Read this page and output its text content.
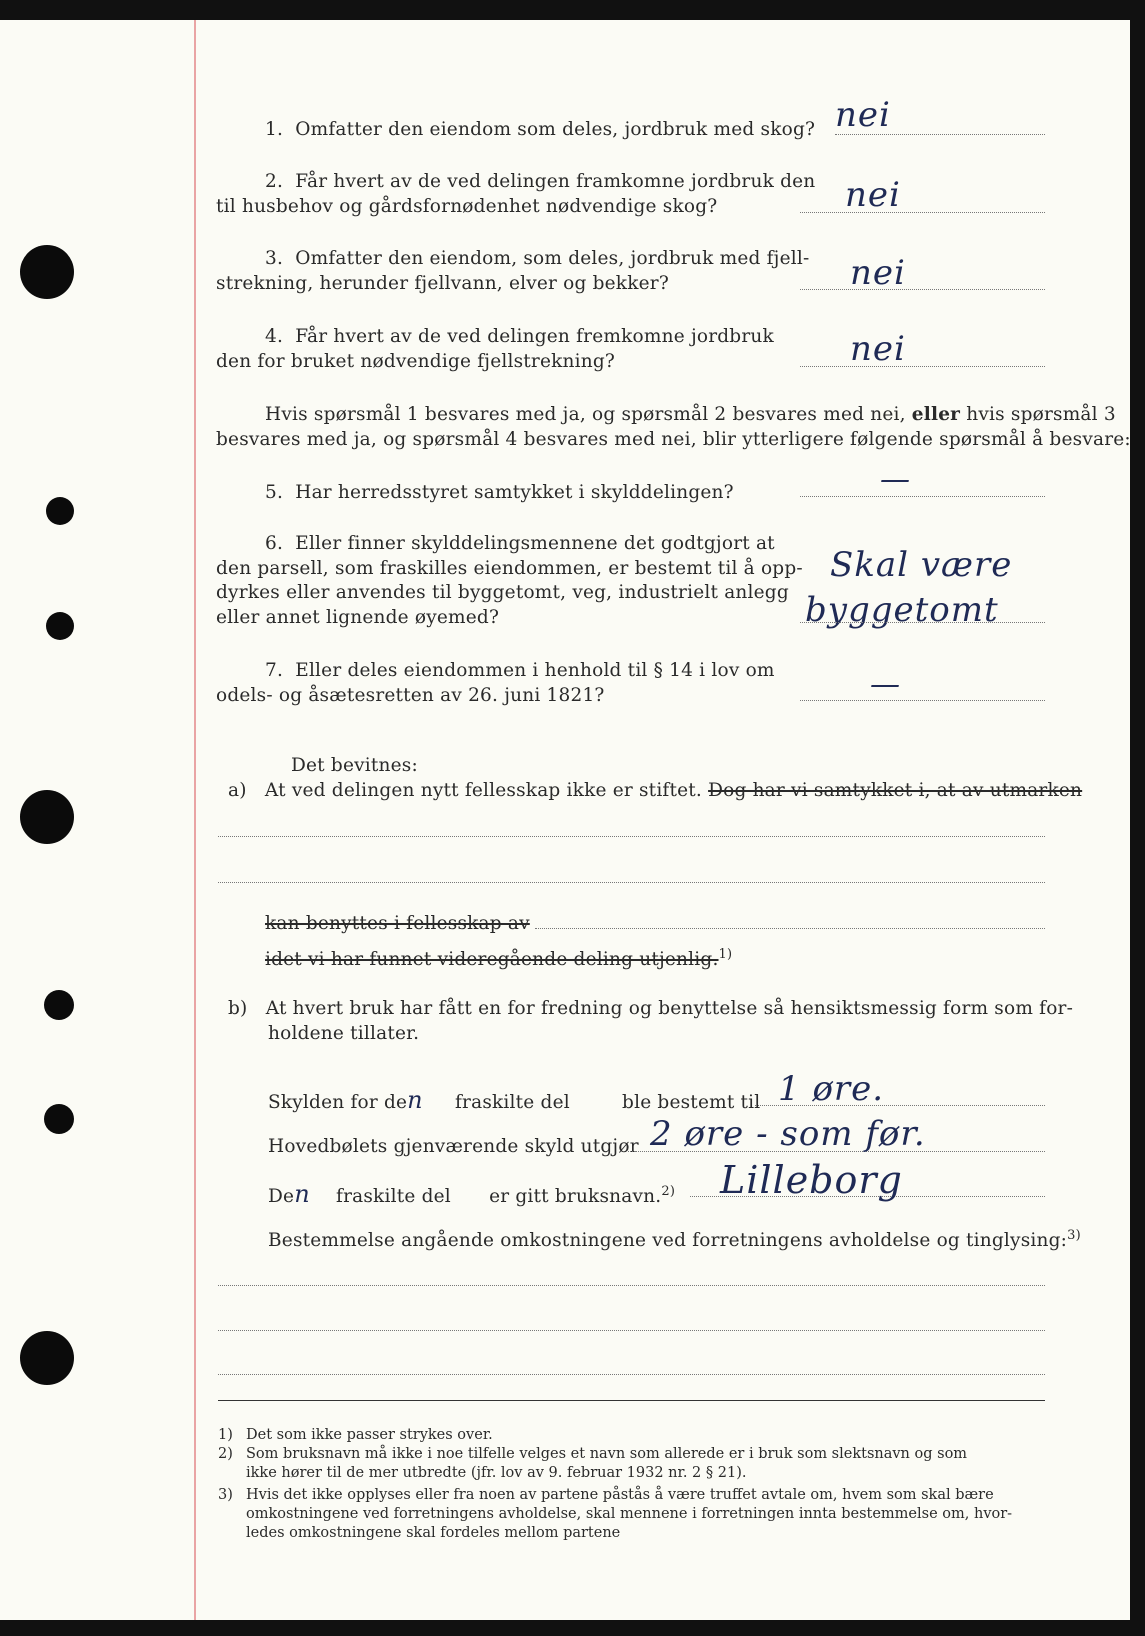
1. Omfatter den eiendom som deles, jordbruk med skog? nei
2. Får hvert av de ved delingen framkomne jordbruk den
til husbehov og gårdsfornødenhet nødvendige skog?	nei
3. Omfatter den eiendom, som deles, jordbruk med fjell-
strekning, herunder fjellvann, elver og bekker?	nei
4. Får hvert av de ved delingen fremkomne jordbruk
den for bruket nødvendige fjellstrekning?	nei
Hvis spørsmål 1 besvares med ja, og spørsmål 2 besvares med nei, eller hvis spørsmål 3
besvares med ja, og spørsmål 4 besvares med nei, blir ytterligere følgende spørsmål å besvare:
5. Har herredsstyret samtykket i skylddelingen?	—
6. Eller finner skylddelingsmennene det godtgjort at
den parsell, som fraskilles eiendommen, er bestemt til å opp-
dyrkes eller anvendes til byggetomt, veg, industrielt anlegg
eller annet lignende øyemed?
Skal være
byggetomt
7. Eller deles eiendommen i henhold til § 14 i lov om
odels- og åsætesretten av 26. juni 1821?	—
Det bevitnes:
a) At ved delingen nytt fellesskap ikke er stiftet. Dog har vi samtykket i, at av utmarken
kan benyttes i fellesskap av
idet vi har funnet videregående deling utjenlig.$^{1)}$
b) At hvert bruk har fått en for fredning og benyttelse så hensiktsmessig form som for-
holdene tillater.
Skylden for den fraskilte del	ble bestemt til 1 øre.
Hovedbølets gjenværende skyld utgjør 2 øre - som før.
Den fraskilte del er gitt bruksnavn.$^{2)}$ Lilleborg
Bestemmelse angående omkostningene ved forretningens avholdelse og tinglysing:$^{3)}$
1) Det som ikke passer strykes over.
2) Som bruksnavn må ikke i noe tilfelle velges et navn som allerede er i bruk som slektsnavn og som
ikke hører til de mer utbredte (jfr. lov av 9. februar 1932 nr. 2 § 21).
3) Hvis det ikke opplyses eller fra noen av partene påstås å være truffet avtale om, hvem som skal bære
omkostningene ved forretningens avholdelse, skal mennene i forretningen innta bestemmelse om, hvor-
ledes omkostningene skal fordeles mellom partene
